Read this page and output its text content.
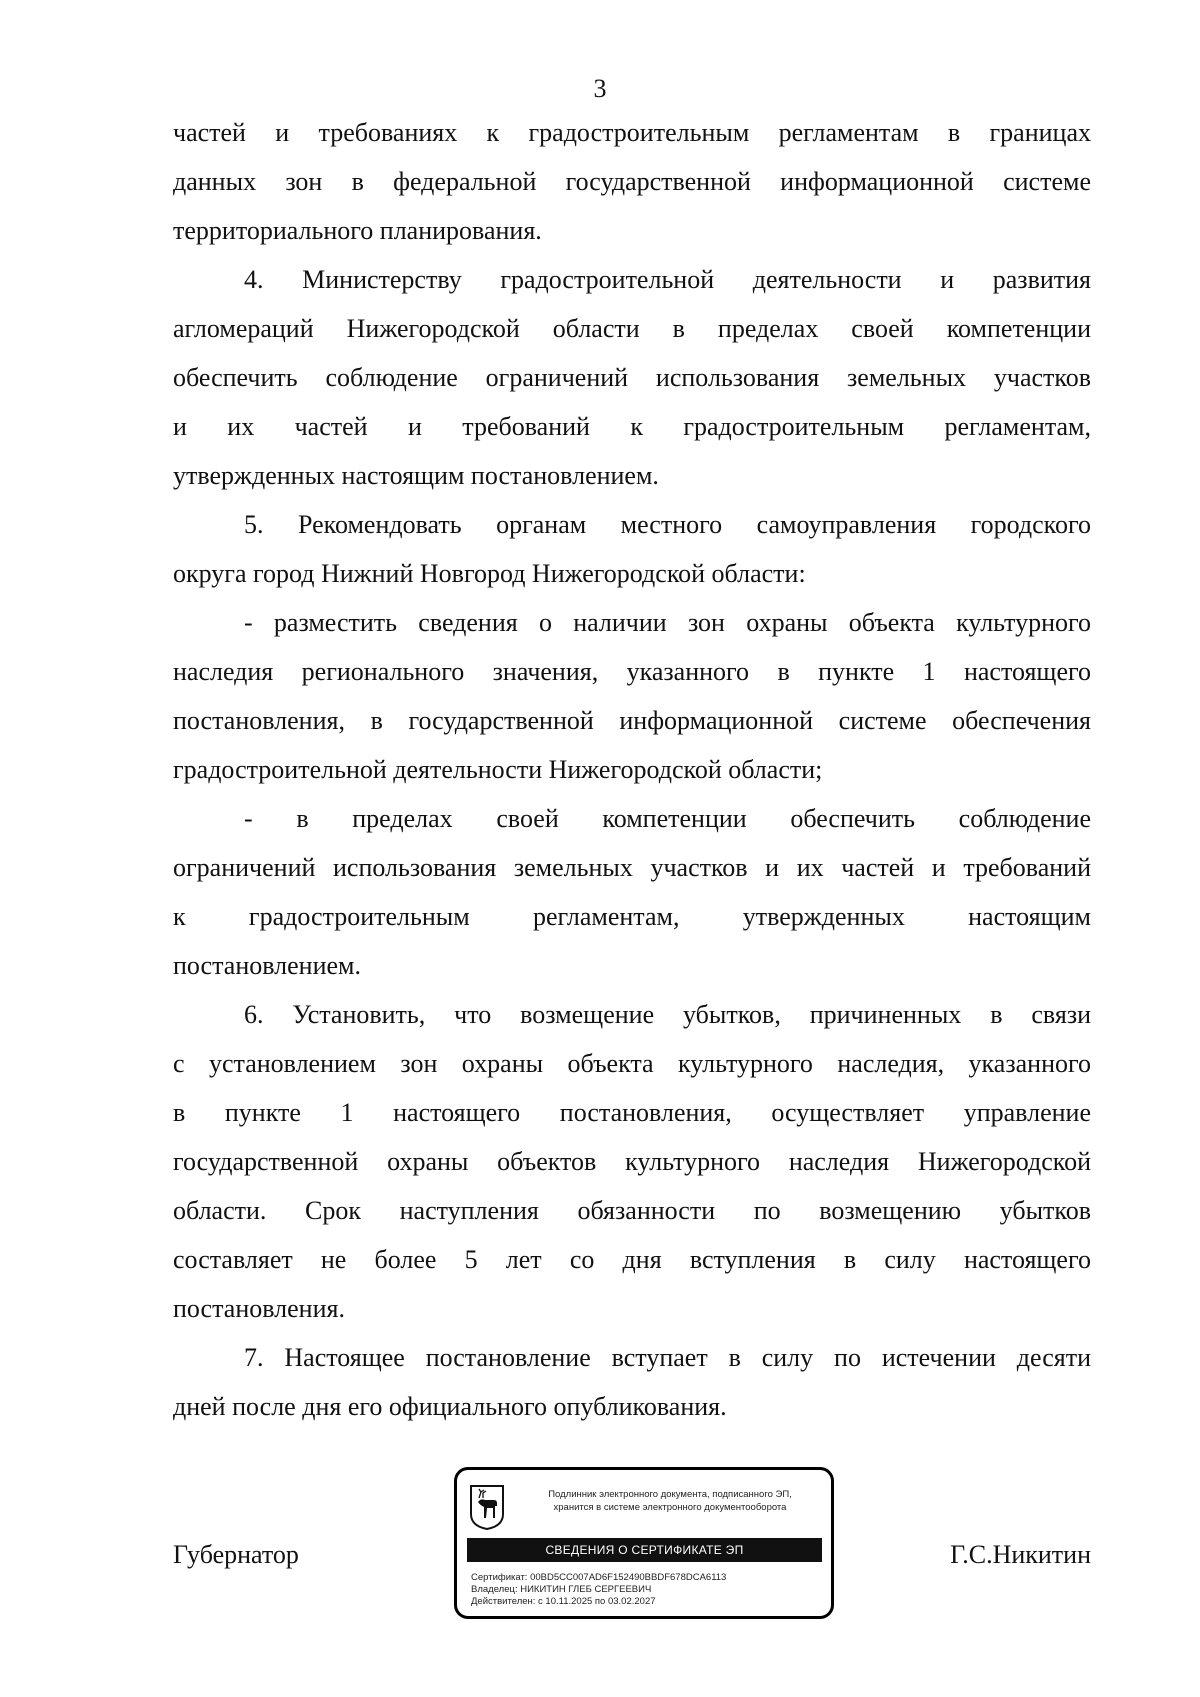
3

частей и требованиях к градостроительным регламентам в границах

данных зон в федеральной государственной информационной системе

территориального планирования.

4. Министерству градостроительной деятельности и развития

агломераций Нижегородской области в пределах своей компетенции

обеспечить соблюдение ограничений использования земельных участков

и их частей и требований к градостроительным регламентам,

утвержденных настоящим постановлением.

5. Рекомендовать органам местного самоуправления городского

округа город Нижний Новгород Нижегородской области:

- разместить сведения о наличии зон охраны объекта культурного

наследия регионального значения, указанного в пункте 1 настоящего

постановления, в государственной информационной системе обеспечения

градостроительной деятельности Нижегородской области;

- в пределах своей компетенции обеспечить соблюдение

ограничений использования земельных участков и их частей и требований

к градостроительным регламентам, утвержденных настоящим

постановлением.

6. Установить, что возмещение убытков, причиненных в связи

с установлением зон охраны объекта культурного наследия, указанного

в пункте 1 настоящего постановления, осуществляет управление

государственной охраны объектов культурного наследия Нижегородской

области. Срок наступления обязанности по возмещению убытков

составляет не более 5 лет со дня вступления в силу настоящего

постановления.

7. Настоящее постановление вступает в силу по истечении десяти

дней после дня его официального опубликования.

Губернатор	Г.С.Никитин
Подлинник электронного документа, подписанного ЭП,
хранится в системе электронного документооборота
СВЕДЕНИЯ О СЕРТИФИКАТЕ ЭП
Сертификат: 00BD5CC007AD6F152490BBDF678DCA6113
Владелец: НИКИТИН ГЛЕБ СЕРГЕЕВИЧ
Действителен: с 10.11.2025 по 03.02.2027
